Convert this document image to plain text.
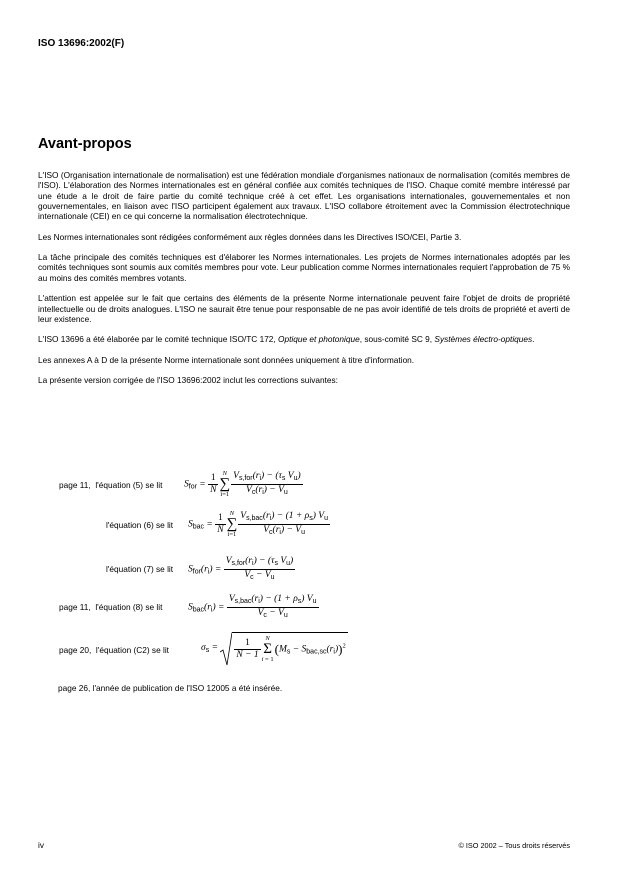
ISO 13696:2002(F)
Avant-propos

L'ISO (Organisation internationale de normalisation) est une fédération mondiale d'organismes nationaux de normalisation (comités membres de l'ISO). L'élaboration des Normes internationales est en général confiée aux comités techniques de l'ISO. Chaque comité membre intéressé par une étude a le droit de faire partie du comité technique créé à cet effet. Les organisations internationales, gouvernementales et non gouvernementales, en liaison avec l'ISO participent également aux travaux. L'ISO collabore étroitement avec la Commission électrotechnique internationale (CEI) en ce qui concerne la normalisation électrotechnique.

Les Normes internationales sont rédigées conformément aux règles données dans les Directives ISO/CEI, Partie 3.

La tâche principale des comités techniques est d'élaborer les Normes internationales. Les projets de Normes internationales adoptés par les comités techniques sont soumis aux comités membres pour vote. Leur publication comme Normes internationales requiert l'approbation de 75 % au moins des comités membres votants.

L'attention est appelée sur le fait que certains des éléments de la présente Norme internationale peuvent faire l'objet de droits de propriété intellectuelle ou de droits analogues. L'ISO ne saurait être tenue pour responsable de ne pas avoir identifié de tels droits de propriété et averti de leur existence.

L'ISO 13696 a été élaborée par le comité technique ISO/TC 172, Optique et photonique, sous-comité SC 9, Systèmes électro-optiques.

Les annexes A à D de la présente Norme internationale sont données uniquement à titre d'information.

La présente version corrigée de l'ISO 13696:2002 inclut les corrections suivantes:

page 11, l'équation (5) se lit $S_{for} = \frac{1}{N}$ N
∑
$i=1 \frac{V_{s,for}(r_i) - (\tau_s V_u)}{V_c(r_i) - V_u}$
l'équation (6) se lit $S_{bac} = \frac{1}{N}$ N
∑
$i=1 \frac{V_{s,bac}(r_i) - (1 + \rho_s) V_u}{V_c(r_i) - V_u}$
l'équation (7) se lit $S_{for}(r_i) = \frac{V_{s,for}(r_i) - (\tau_s V_u)}{V_c - V_u}$
page 11, l'équation (8) se lit	$S_{bac}(r_i) = \frac{V_{s,bac}(r_i) - (1 + \rho_s) V_u}{V_c - V_u}$
page 20, l'équation (C2) se lit	$\sigma_s = \frac{1}{N - 1}$ N
Σ
i = 1
$(M_s - S_{bac,sc}(r_i))^2$
page 26, l'année de publication de l'ISO 12005 a été insérée.
iv	© ISO 2002 – Tous droits réservés
